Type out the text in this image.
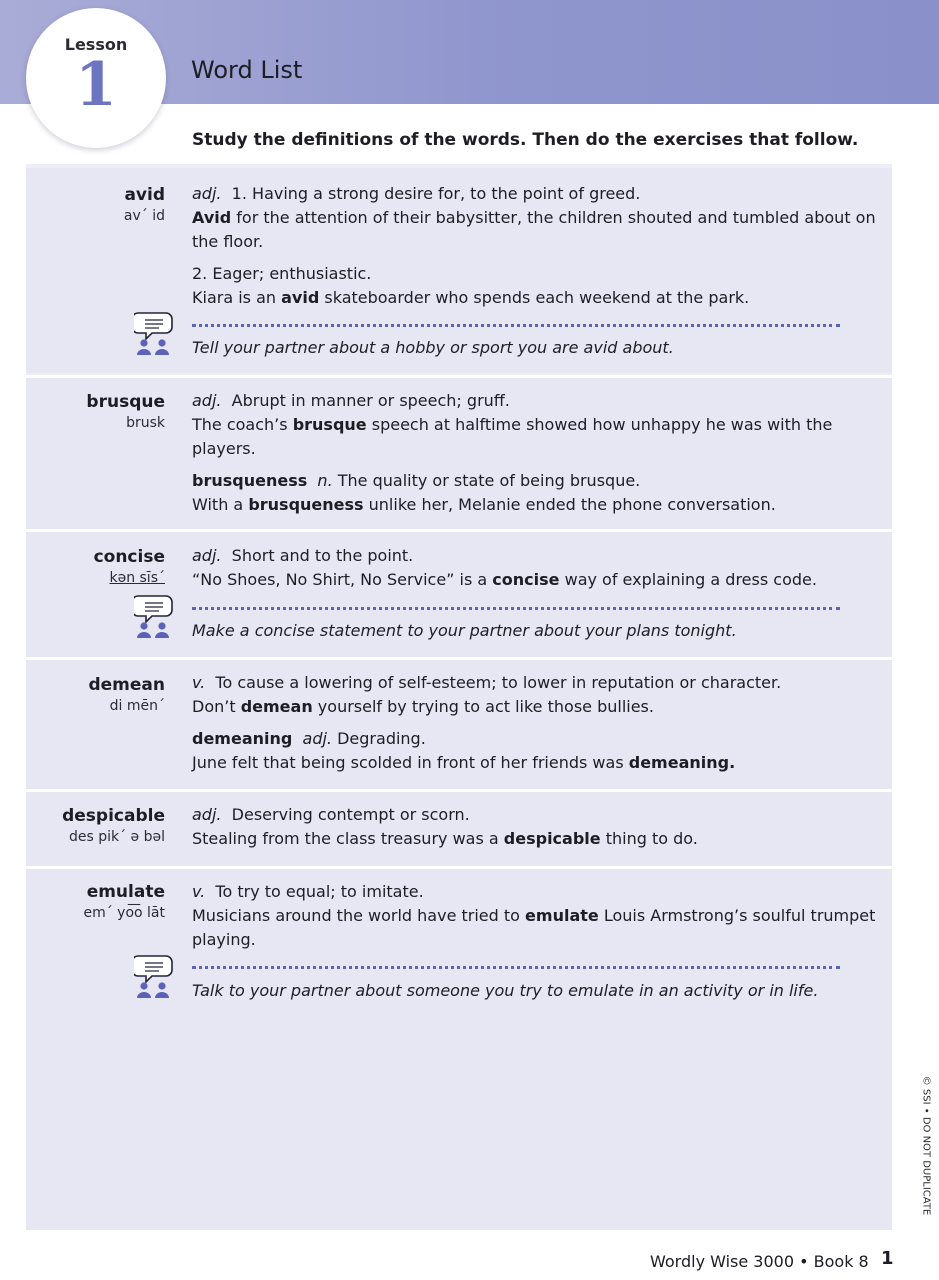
Lesson
1	Word List
Study the definitions of the words. Then do the exercises that follow.
avid
av´ id

adj. 1. Having a strong desire for, to the point of greed.

Avid for the attention of their babysitter, the children shouted and tumbled about on the floor.

2. Eager; enthusiastic.

Kiara is an avid skateboarder who spends each weekend at the park.

Tell your partner about a hobby or sport you are avid about.
brusque
brusk

adj. Abrupt in manner or speech; gruff.

The coach’s brusque speech at halftime showed how unhappy he was with the players.

brusqueness n. The quality or state of being brusque.

With a brusqueness unlike her, Melanie ended the phone conversation.

concise
kən sīs´

adj. Short and to the point.

“No Shoes, No Shirt, No Service” is a concise way of explaining a dress code.

Make a concise statement to your partner about your plans tonight.
demean
di mēn´

v. To cause a lowering of self-esteem; to lower in reputation or character.

Don’t demean yourself by trying to act like those bullies.

demeaning adj. Degrading.

June felt that being scolded in front of her friends was demeaning.

despicable
des pik´ ə bəl

adj. Deserving contempt or scorn.

Stealing from the class treasury was a despicable thing to do.

emulate
em´ yo͞o lāt

v. To try to equal; to imitate.

Musicians around the world have tried to emulate Louis Armstrong’s soulful trumpet playing.

Talk to your partner about someone you try to emulate in an activity or in life.
© SSI • DO NOT DUPLICATE
Wordly Wise 3000 • Book 8 1
